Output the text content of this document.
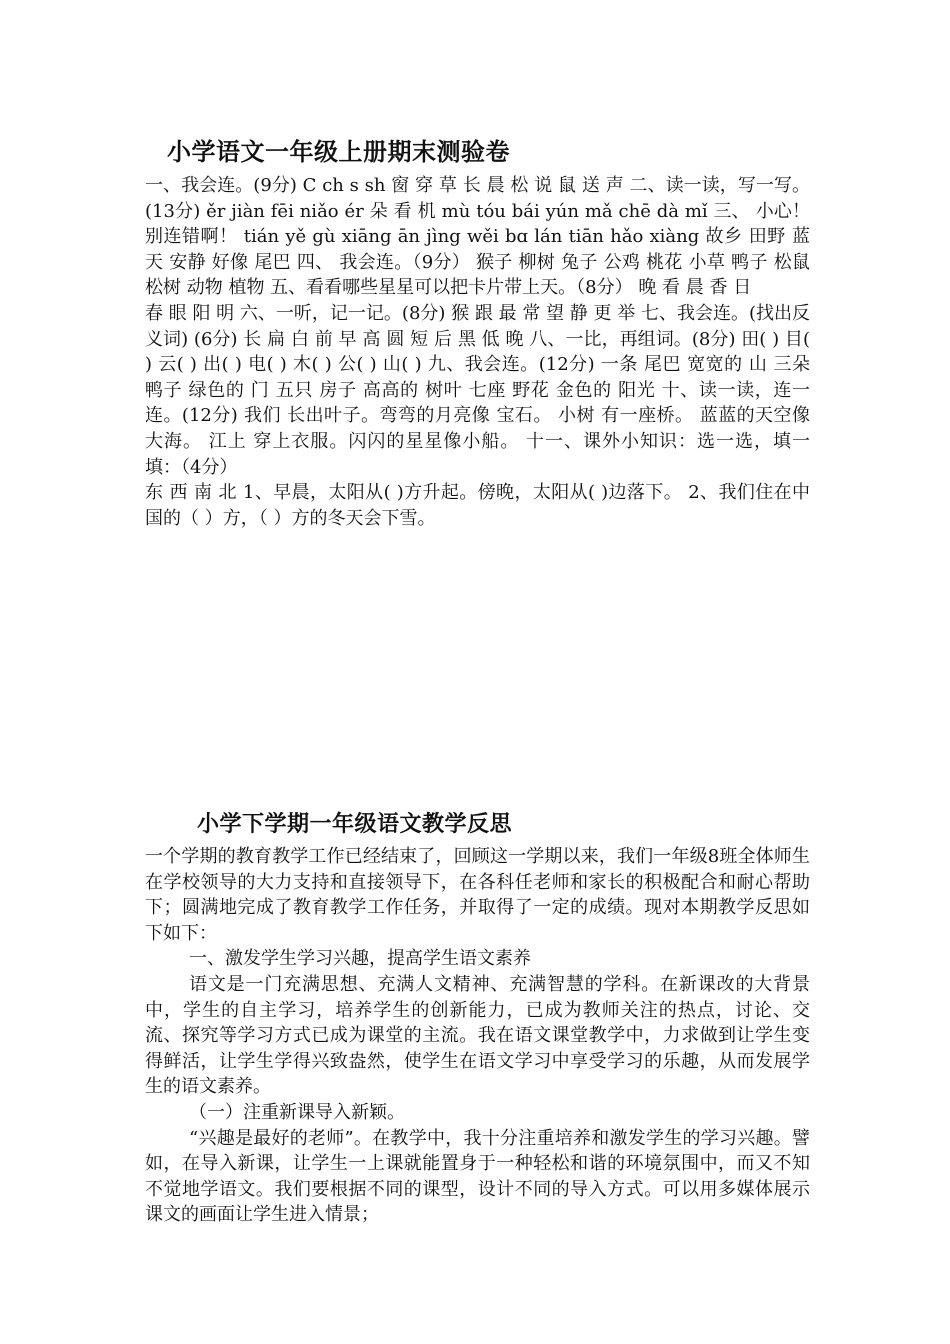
小学语文一年级上册期末测验卷

一、我会连。(9分) C ch s sh 窗 穿 草 长 晨 松 说 鼠 送 声 二、读一读，写一写。(13分) ěr jiàn fēi niǎo ér 朵 看 机 mù tóu bái yún mǎ chē dà mǐ 三、 小心！别连错啊！ tián yě gù xiāng ān jìng wěi bɑ lán tiān hǎo xiàng 故乡 田野 蓝天 安静 好像 尾巴 四、 我会连。（9分） 猴子 柳树 兔子 公鸡 桃花 小草 鸭子 松鼠 松树 动物 植物 五、看看哪些星星可以把卡片带上天。（8分） 晚 看 晨 香 日
春 眼 阳 明 六、一听，记一记。(8分) 猴 跟 最 常 望 静 更 举 七、我会连。(找出反义词) (6分) 长 扁 白 前 早 高 圆 短 后 黑 低 晚 八、一比，再组词。(8分) 田( ) 目( ) 云( ) 出( ) 电( ) 木( ) 公( ) 山( ) 九、我会连。(12分) 一条 尾巴 宽宽的 山 三朵 鸭子 绿色的 门 五只 房子 高高的 树叶 七座 野花 金色的 阳光 十、读一读，连一连。(12分) 我们 长出叶子。弯弯的月亮像 宝石。 小树 有一座桥。 蓝蓝的天空像 大海。 江上 穿上衣服。闪闪的星星像小船。 十一、课外小知识：选一选，填一填：（4分）
东 西 南 北 1、早晨，太阳从( )方升起。傍晚，太阳从( )边落下。 2、我们住在中国的（ ）方，（ ）方的冬天会下雪。

小学下学期一年级语文教学反思

一个学期的教育教学工作已经结束了，回顾这一学期以来，我们一年级8班全体师生在学校领导的大力支持和直接领导下，在各科任老师和家长的积极配合和耐心帮助下；圆满地完成了教育教学工作任务，并取得了一定的成绩。现对本期教学反思如下如下：

一、激发学生学习兴趣，提高学生语文素养

语文是一门充满思想、充满人文精神、充满智慧的学科。在新课改的大背景中，学生的自主学习，培养学生的创新能力，已成为教师关注的热点，讨论、交流、探究等学习方式已成为课堂的主流。我在语文课堂教学中，力求做到让学生变得鲜活，让学生学得兴致盎然，使学生在语文学习中享受学习的乐趣，从而发展学生的语文素养。

（一）注重新课导入新颖。

“兴趣是最好的老师”。在教学中，我十分注重培养和激发学生的学习兴趣。譬如，在导入新课，让学生一上课就能置身于一种轻松和谐的环境氛围中，而又不知不觉地学语文。我们要根据不同的课型，设计不同的导入方式。可以用多媒体展示课文的画面让学生进入情景；
